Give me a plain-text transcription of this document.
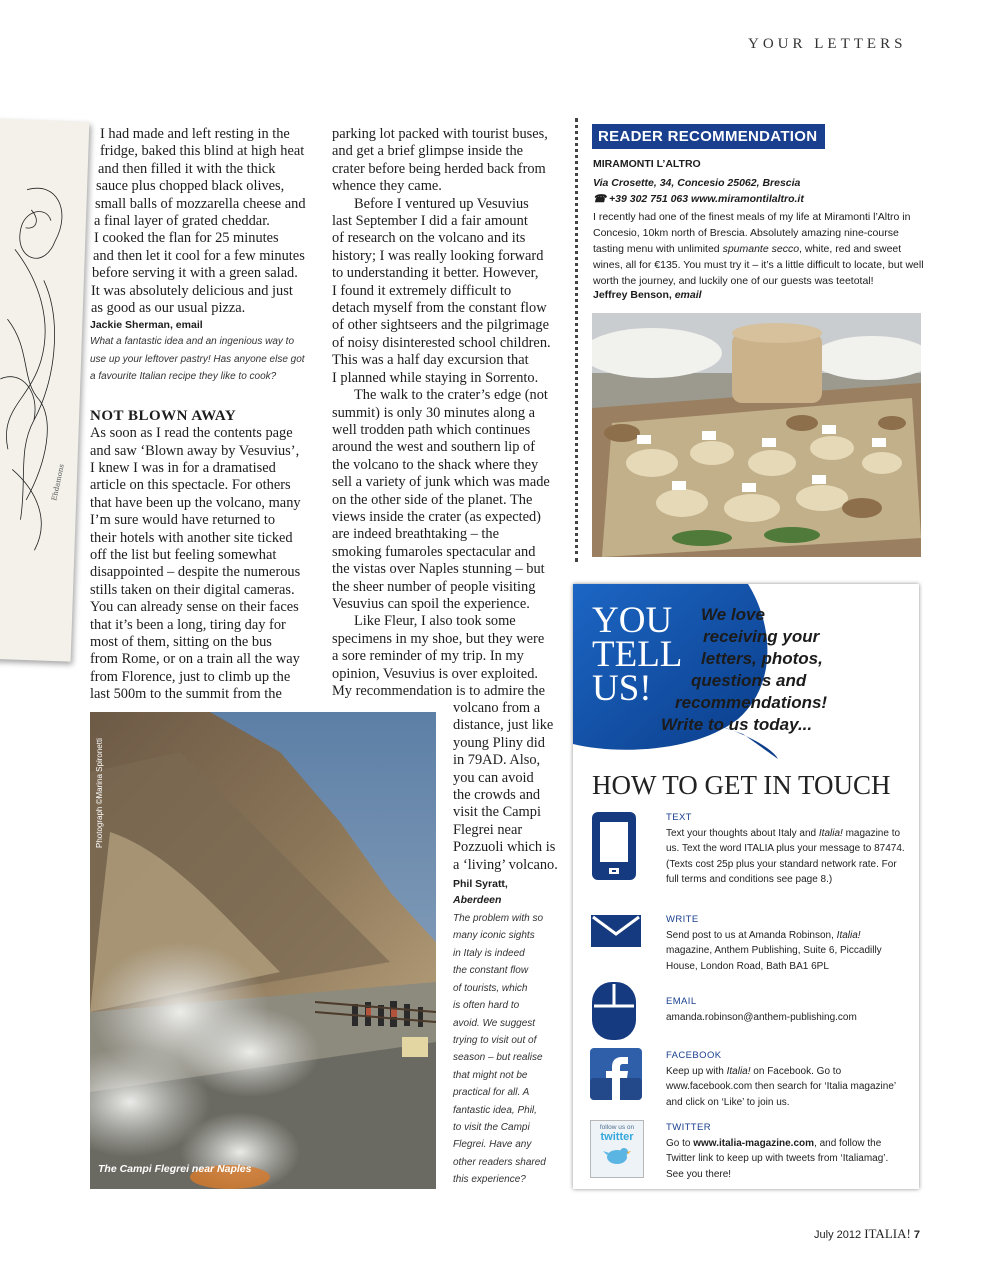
YOUR LETTERS
Ehdamons

I had made and left resting in the

fridge, baked this blind at high heat

and then filled it with the thick

sauce plus chopped black olives,

small balls of mozzarella cheese and

a final layer of grated cheddar.

I cooked the flan for 25 minutes

and then let it cool for a few minutes

before serving it with a green salad.

It was absolutely delicious and just

as good as our usual pizza.

Jackie Sherman, email
What a fantastic idea and an ingenious way to
use up your leftover pastry! Has anyone else got
a favourite Italian recipe they like to cook?
NOT BLOWN AWAY

As soon as I read the contents page

and saw ‘Blown away by Vesuvius’,

I knew I was in for a dramatised

article on this spectacle. For others

that have been up the volcano, many

I’m sure would have returned to

their hotels with another site ticked

off the list but feeling somewhat

disappointed – despite the numerous

stills taken on their digital cameras.

You can already sense on their faces

that it’s been a long, tiring day for

most of them, sitting on the bus

from Rome, or on a train all the way

from Florence, just to climb up the

last 500m to the summit from the

parking lot packed with tourist buses,

and get a brief glimpse inside the

crater before being herded back from

whence they came.

Before I ventured up Vesuvius

last September I did a fair amount

of research on the volcano and its

history; I was really looking forward

to understanding it better. However,

I found it extremely difficult to

detach myself from the constant flow

of other sightseers and the pilgrimage

of noisy disinterested school children.

This was a half day excursion that

I planned while staying in Sorrento.

The walk to the crater’s edge (not

summit) is only 30 minutes along a

well trodden path which continues

around the west and southern lip of

the volcano to the shack where they

sell a variety of junk which was made

on the other side of the planet. The

views inside the crater (as expected)

are indeed breathtaking – the

smoking fumaroles spectacular and

the vistas over Naples stunning – but

the sheer number of people visiting

Vesuvius can spoil the experience.

Like Fleur, I also took some

specimens in my shoe, but they were

a sore reminder of my trip. In my

opinion, Vesuvius is over exploited.

My recommendation is to admire the

volcano from a

distance, just like

young Pliny did

in 79AD. Also,

you can avoid

the crowds and

visit the Campi

Flegrei near

Pozzuoli which is

a ‘living’ volcano.

Phil Syratt,
Aberdeen
The problem with so
many iconic sights
in Italy is indeed
the constant flow
of tourists, which
is often hard to
avoid. We suggest
trying to visit out of
season – but realise
that might not be
practical for all. A
fantastic idea, Phil,
to visit the Campi
Flegrei. Have any
other readers shared
this experience?
Photograph ©Marina Spironetti
The Campi Flegrei near Naples
READER RECOMMENDATION
MIRAMONTI L’ALTRO
Via Crosette, 34, Concesio 25062, Brescia
☎ +39 302 751 063 www.miramontilaltro.it
I recently had one of the finest meals of my life at Miramonti l’Altro in Concesio, 10km north of Brescia. Absolutely amazing nine-course tasting menu with unlimited spumante secco, white, red and sweet wines, all for €135. You must try it – it’s a little difficult to locate, but well worth the journey, and luckily one of our guests was teetotal!
Jeffrey Benson, email
YOU
TELL
US!
We love
receiving your
letters, photos,
questions and
recommendations!
Write to us today...
HOW TO GET IN TOUCH
TEXT
Text your thoughts about Italy and Italia! magazine to us. Text the word ITALIA plus your message to 87474. (Texts cost 25p plus your standard network rate. For full terms and conditions see page 8.)
WRITE
Send post to us at Amanda Robinson, Italia! magazine, Anthem Publishing, Suite 6, Piccadilly House, London Road, Bath BA1 6PL
EMAIL
amanda.robinson@anthem-publishing.com
FACEBOOK
Keep up with Italia! on Facebook. Go to www.facebook.com then search for ‘Italia magazine’ and click on ‘Like’ to join us.
follow us on
twitter
TWITTER
Go to www.italia-magazine.com, and follow the Twitter link to keep up with tweets from ‘Italiamag’. See you there!
July 2012 ITALIA! 7
